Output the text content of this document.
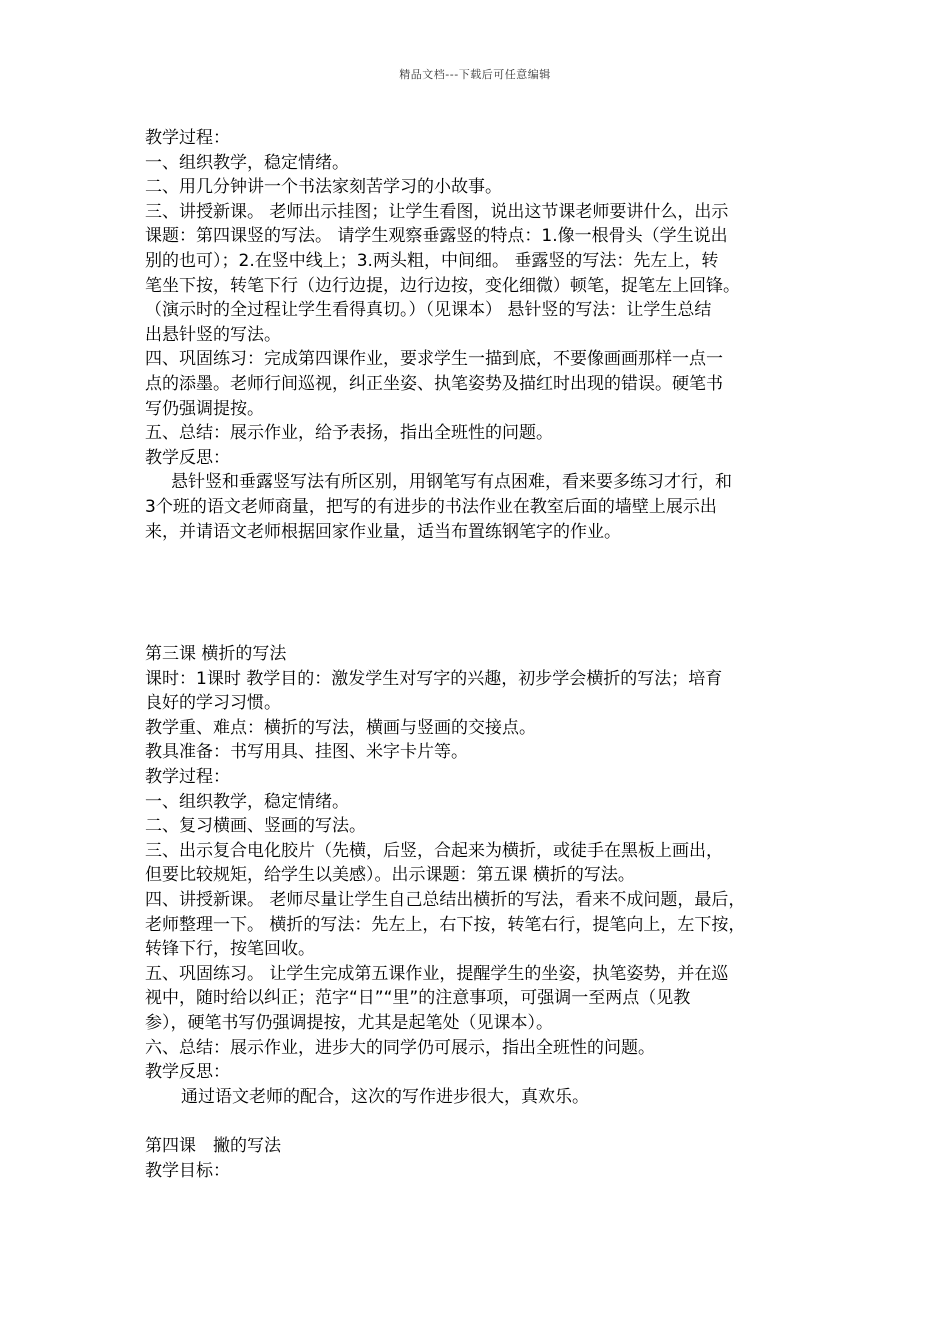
精品文档---下载后可任意编辑
教学过程：
一、组织教学，稳定情绪。
二、用几分钟讲一个书法家刻苦学习的小故事。
三、讲授新课。 老师出示挂图；让学生看图，说出这节课老师要讲什么，出示
课题：第四课竖的写法。 请学生观察垂露竖的特点：1.像一根骨头（学生说出
别的也可）；2.在竖中线上；3.两头粗，中间细。 垂露竖的写法：先左上，转
笔坐下按，转笔下行（边行边提，边行边按，变化细微）顿笔，捉笔左上回锋。
（演示时的全过程让学生看得真切。）（见课本） 悬针竖的写法：让学生总结
出悬针竖的写法。
四、巩固练习：完成第四课作业，要求学生一描到底，不要像画画那样一点一
点的添墨。老师行间巡视，纠正坐姿、执笔姿势及描红时出现的错误。硬笔书
写仍强调提按。
五、总结：展示作业，给予表扬，指出全班性的问题。
教学反思：
悬针竖和垂露竖写法有所区别，用钢笔写有点困难，看来要多练习才行，和
3个班的语文老师商量，把写的有进步的书法作业在教室后面的墙壁上展示出
来，并请语文老师根据回家作业量，适当布置练钢笔字的作业。
第三课 横折的写法
课时：1课时 教学目的：激发学生对写字的兴趣，初步学会横折的写法；培育
良好的学习习惯。
教学重、难点：横折的写法，横画与竖画的交接点。
教具准备：书写用具、挂图、米字卡片等。
教学过程：
一、组织教学，稳定情绪。
二、复习横画、竖画的写法。
三、出示复合电化胶片（先横，后竖，合起来为横折，或徒手在黑板上画出，
但要比较规矩，给学生以美感）。出示课题：第五课 横折的写法。
四、讲授新课。 老师尽量让学生自己总结出横折的写法，看来不成问题，最后，
老师整理一下。 横折的写法：先左上，右下按，转笔右行，提笔向上，左下按，
转锋下行，按笔回收。
五、巩固练习。 让学生完成第五课作业，提醒学生的坐姿，执笔姿势，并在巡
视中，随时给以纠正；范字“日”“里”的注意事项，可强调一至两点（见教
参），硬笔书写仍强调提按，尤其是起笔处（见课本）。
六、总结：展示作业，进步大的同学仍可展示，指出全班性的问题。
教学反思：
通过语文老师的配合，这次的写作进步很大，真欢乐。
第四课　撇的写法
教学目标：
